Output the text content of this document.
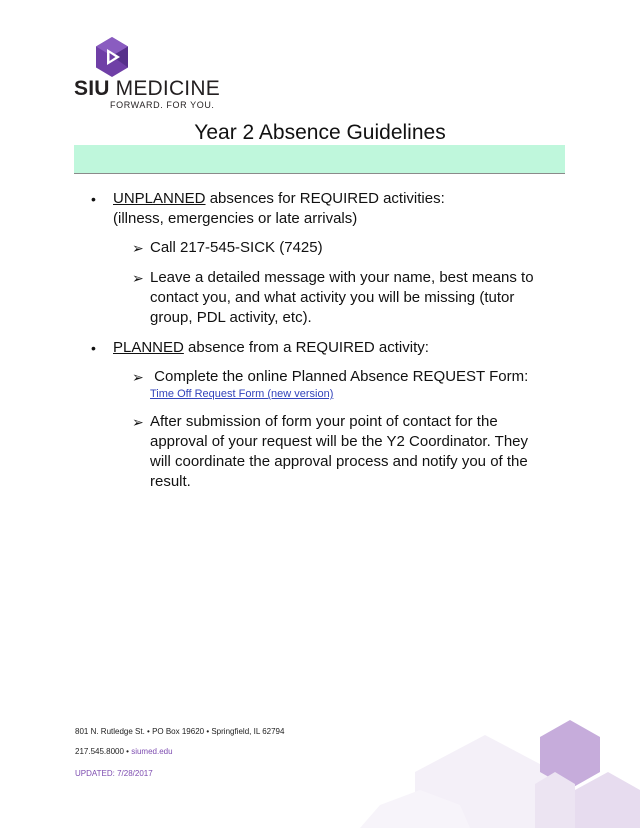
SIU MEDICINE
FORWARD. FOR YOU.
Year 2 Absence Guidelines
• UNPLANNED absences for REQUIRED activities:
(illness, emergencies or late arrivals)
➢ Call 217-545-SICK (7425)
➢ Leave a detailed message with your name, best means to
contact you, and what activity you will be missing (tutor
group, PDL activity, etc).
• PLANNED absence from a REQUIRED activity:
➢ Complete the online Planned Absence REQUEST Form:
Time Off Request Form (new version)
➢ After submission of form your point of contact for the
approval of your request will be the Y2 Coordinator. They
will coordinate the approval process and notify you of the
result.
801 N. Rutledge St. • PO Box 19620 • Springfield, IL 62794
217.545.8000 • siumed.edu
UPDATED: 7/28/2017
